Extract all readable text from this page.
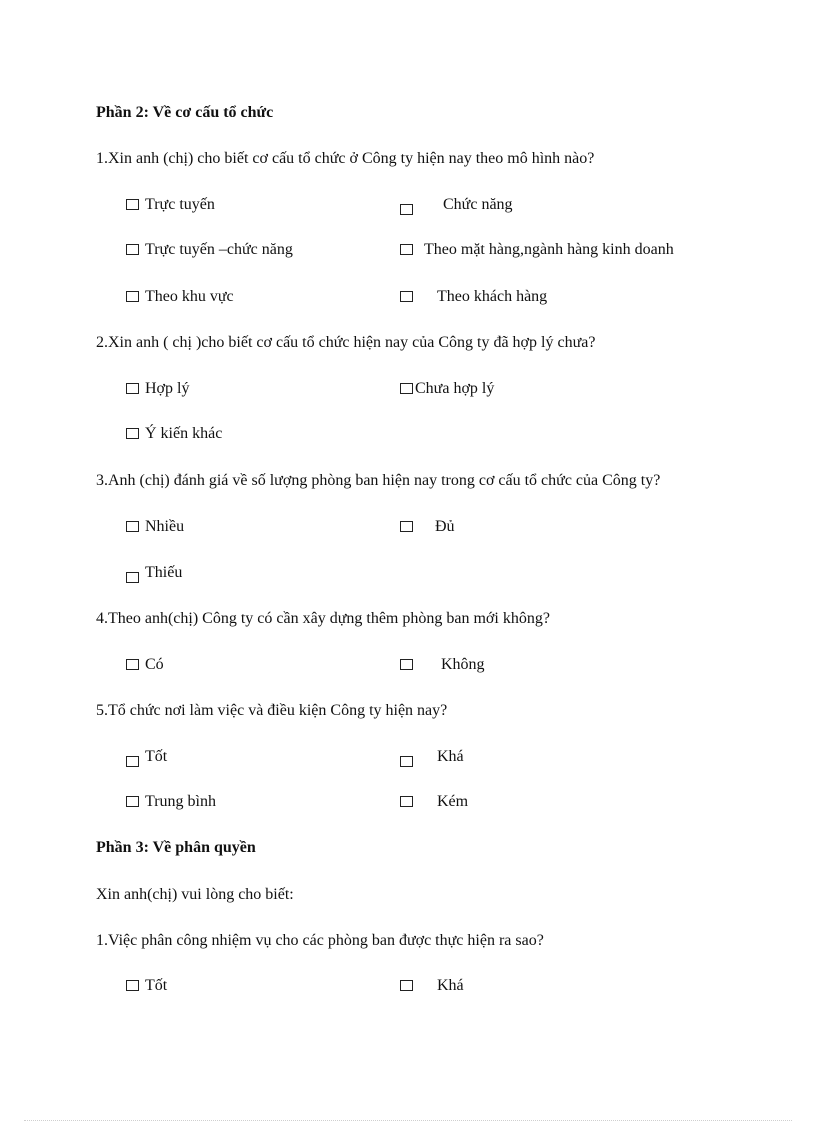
Phần 2: Về cơ cấu tổ chức
1.Xin anh (chị) cho biết cơ cấu tổ chức ở Công ty hiện nay theo mô hình nào?
Trực tuyến	Chức năng
Trực tuyến –chức năng	Theo mặt hàng,ngành hàng kinh doanh
Theo khu vực	Theo khách hàng
2.Xin anh ( chị )cho biết cơ cấu tổ chức hiện nay của Công ty đã hợp lý chưa?
Hợp lý	Chưa hợp lý
Ý kiến khác
3.Anh (chị) đánh giá về số lượng phòng ban hiện nay trong cơ cấu tổ chức của Công ty?
Nhiều	Đủ
Thiếu
4.Theo anh(chị) Công ty có cần xây dựng thêm phòng ban mới không?
Có	Không
5.Tổ chức nơi làm việc và điều kiện Công ty hiện nay?
Tốt	Khá
Trung bình	Kém
Phần 3: Về phân quyền
Xin anh(chị) vui lòng cho biết:
1.Việc phân công nhiệm vụ cho các phòng ban được thực hiện ra sao?
Tốt	Khá
